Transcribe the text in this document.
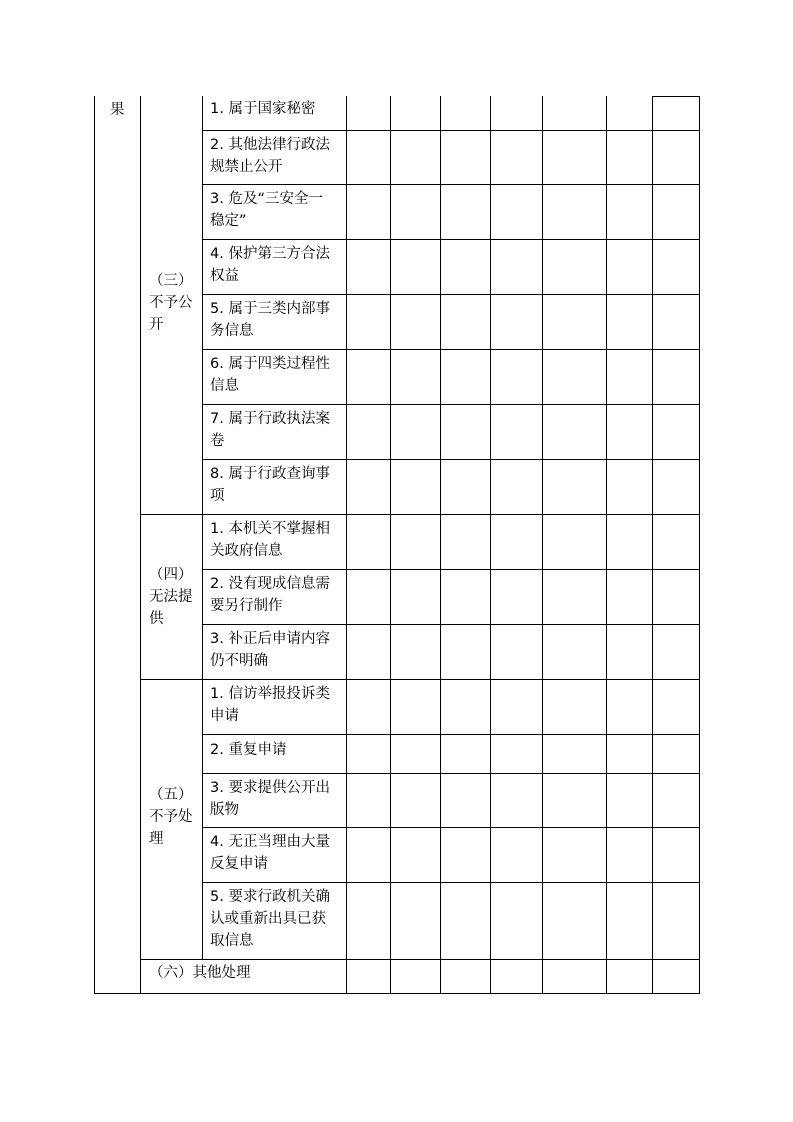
果
（三）
不予公
开
（四）
无法提
供
（五）
不予处
理
1. 属于国家秘密
2. 其他法律行政法
规禁止公开
3. 危及“三安全一
稳定”
4. 保护第三方合法
权益
5. 属于三类内部事
务信息
6. 属于四类过程性
信息
7. 属于行政执法案
卷
8. 属于行政查询事
项
1. 本机关不掌握相
关政府信息
2. 没有现成信息需
要另行制作
3. 补正后申请内容
仍不明确
1. 信访举报投诉类
申请
2. 重复申请
3. 要求提供公开出
版物
4. 无正当理由大量
反复申请
5. 要求行政机关确
认或重新出具已获
取信息
（六）其他处理
